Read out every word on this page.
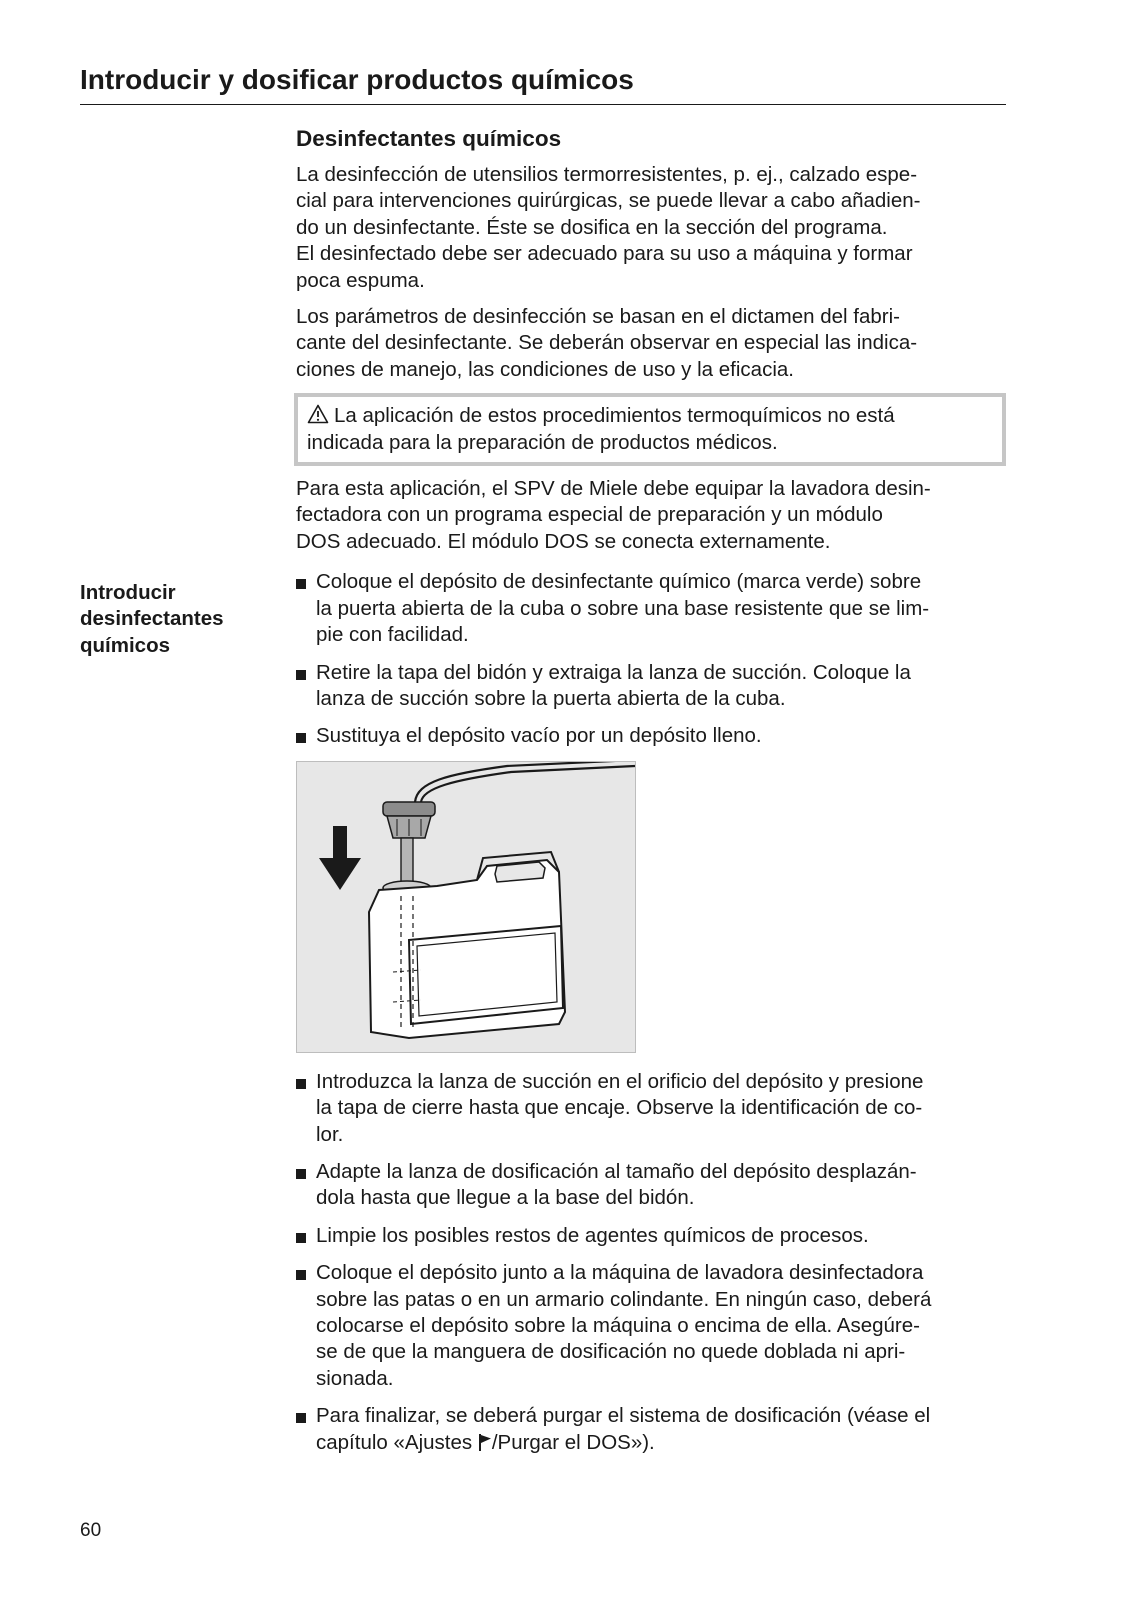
Introducir y dosificar productos químicos
Introducir
desinfectantes
químicos
Desinfectantes químicos

La desinfección de utensilios termorresistentes, p. ej., calzado espe-
cial para intervenciones quirúrgicas, se puede llevar a cabo añadien-
do un desinfectante. Éste se dosifica en la sección del programa.
El desinfectado debe ser adecuado para su uso a máquina y formar
poca espuma.

Los parámetros de desinfección se basan en el dictamen del fabri-
cante del desinfectante. Se deberán observar en especial las indica-
ciones de manejo, las condiciones de uso y la eficacia.

La aplicación de estos procedimientos termoquímicos no está
indicada para la preparación de productos médicos.

Para esta aplicación, el SPV de Miele debe equipar la lavadora desin-
fectadora con un programa especial de preparación y un módulo
DOS adecuado. El módulo DOS se conecta externamente.

Coloque el depósito de desinfectante químico (marca verde) sobre
la puerta abierta de la cuba o sobre una base resistente que se lim-
pie con facilidad.
Retire la tapa del bidón y extraiga la lanza de succión. Coloque la
lanza de succión sobre la puerta abierta de la cuba.
Sustituya el depósito vacío por un depósito lleno.
Introduzca la lanza de succión en el orificio del depósito y presione
la tapa de cierre hasta que encaje. Observe la identificación de co-
lor.
Adapte la lanza de dosificación al tamaño del depósito desplazán-
dola hasta que llegue a la base del bidón.
Limpie los posibles restos de agentes químicos de procesos.
Coloque el depósito junto a la máquina de lavadora desinfectadora
sobre las patas o en un armario colindante. En ningún caso, deberá
colocarse el depósito sobre la máquina o encima de ella. Asegúre-
se de que la manguera de dosificación no quede doblada ni apri-
sionada.
Para finalizar, se deberá purgar el sistema de dosificación (véase el
capítulo «Ajustes /Purgar el DOS»).
60
